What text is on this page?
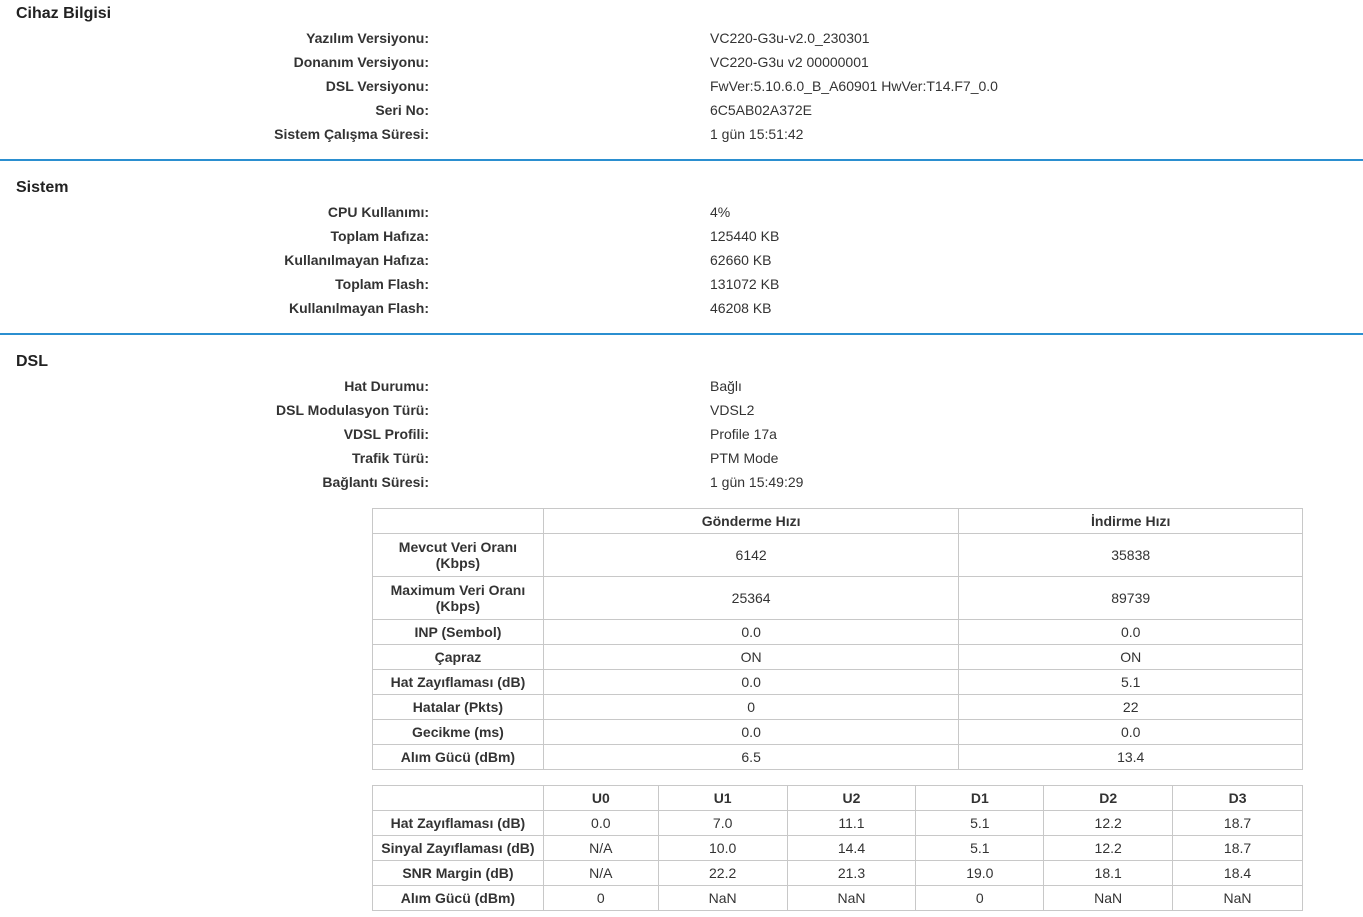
Cihaz Bilgisi
Yazılım Versiyonu:	VC220-G3u-v2.0_230301
Donanım Versiyonu:	VC220-G3u v2 00000001
DSL Versiyonu:	FwVer:5.10.6.0_B_A60901 HwVer:T14.F7_0.0
Seri No:	6C5AB02A372E
Sistem Çalışma Süresi:	1 gün 15:51:42
Sistem
CPU Kullanımı:	4%
Toplam Hafıza:	125440 KB
Kullanılmayan Hafıza:	62660 KB
Toplam Flash:	131072 KB
Kullanılmayan Flash:	46208 KB
DSL
Hat Durumu:	Bağlı
DSL Modulasyon Türü:	VDSL2
VDSL Profili:	Profile 17a
Trafik Türü:	PTM Mode
Bağlantı Süresi:	1 gün 15:49:29
	Gönderme Hızı	İndirme Hızı
Mevcut Veri Oranı (Kbps)	6142	35838
Maximum Veri Oranı (Kbps)	25364	89739
INP (Sembol)	0.0	0.0
Çapraz	ON	ON
Hat Zayıflaması (dB)	0.0	5.1
Hatalar (Pkts)	0	22
Gecikme (ms)	0.0	0.0
Alım Gücü (dBm)	6.5	13.4
	U0	U1	U2	D1	D2	D3
Hat Zayıflaması (dB)	0.0	7.0	11.1	5.1	12.2	18.7
Sinyal Zayıflaması (dB)	N/A	10.0	14.4	5.1	12.2	18.7
SNR Margin (dB)	N/A	22.2	21.3	19.0	18.1	18.4
Alım Gücü (dBm)	0	NaN	NaN	0	NaN	NaN
